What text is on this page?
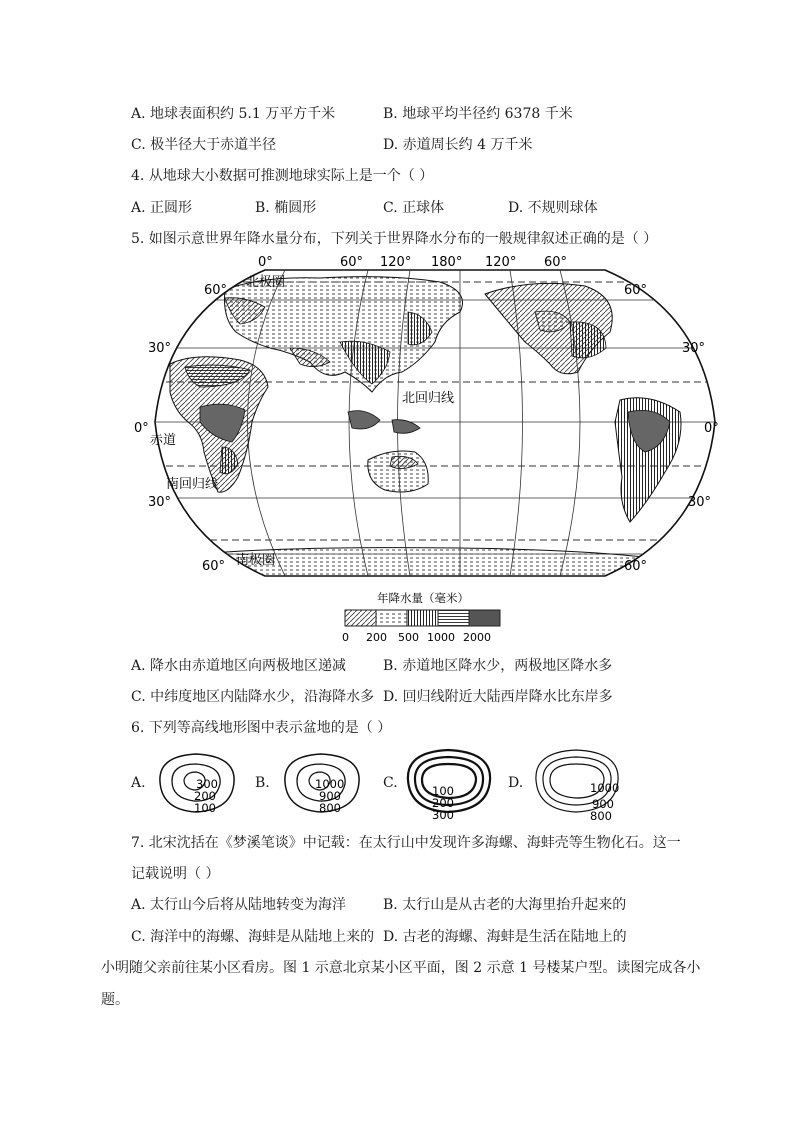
A. 地球表面积约 5.1 万平方千米	B. 地球平均半径约 6378 千米
C. 极半径大于赤道半径	D. 赤道周长约 4 万千米
4. 从地球大小数据可推测地球实际上是一个（ ）
A. 正圆形	B. 椭圆形	C. 正球体	D. 不规则球体
5. 如图示意世界年降水量分布，下列关于世界降水分布的一般规律叙述正确的是（ ）
0°	60° 120° 180° 120° 60°
北极圈
北回归线
赤道
南回归线
南极圈
60°
30°
0°
30°
60°
60°
30°
0°
30°
60°
年降水量（毫米）
0 200 500 1000 2000
A. 降水由赤道地区向两极地区递减	B. 赤道地区降水少，两极地区降水多
C. 中纬度地区内陆降水少，沿海降水多 D. 回归线附近大陆西岸降水比东岸多
6. 下列等高线地形图中表示盆地的是（ ）
A.	300
200
100
B.	1000
900
800
C.	100
200
300
D.	1000
900
800
7. 北宋沈括在《梦溪笔谈》中记载：在太行山中发现许多海螺、海蚌壳等生物化石。这一
记载说明（ ）
A. 太行山今后将从陆地转变为海洋	B. 太行山是从古老的大海里抬升起来的
C. 海洋中的海螺、海蚌是从陆地上来的 D. 古老的海螺、海蚌是生活在陆地上的
小明随父亲前往某小区看房。图 1 示意北京某小区平面，图 2 示意 1 号楼某户型。读图完成各小
题。
